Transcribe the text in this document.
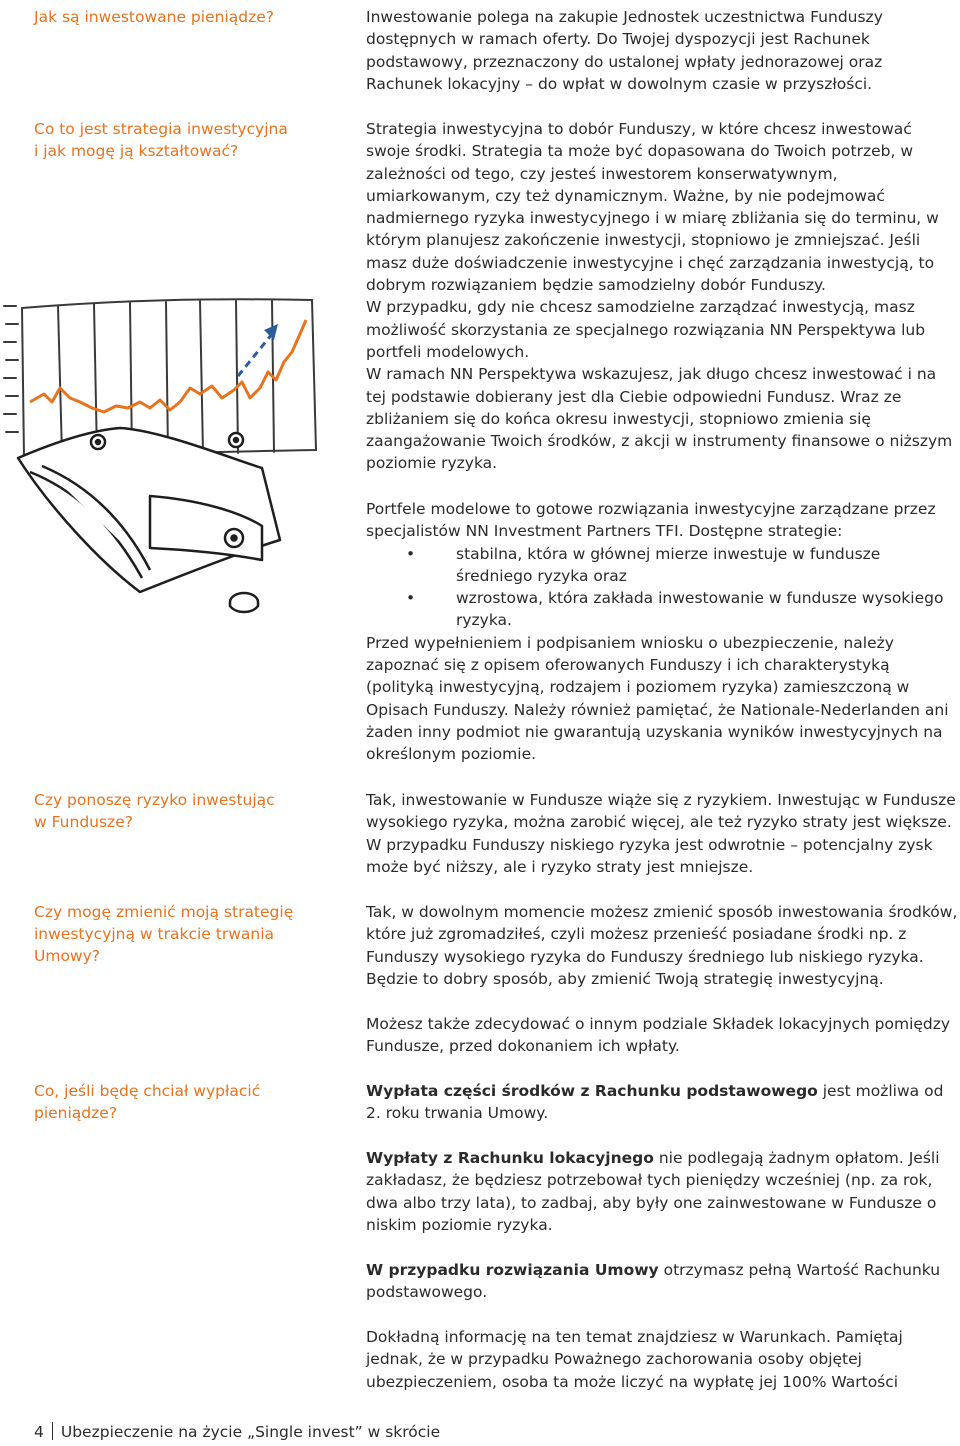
Jak są inwestowane pieniądze?
Co to jest strategia inwestycyjna
i jak mogę ją kształtować?
Czy ponoszę ryzyko inwestując
w Fundusze?
Czy mogę zmienić moją strategię
inwestycyjną w trakcie trwania
Umowy?
Co, jeśli będę chciał wypłacić
pieniądze?

Inwestowanie polega na zakupie Jednostek uczestnictwa Funduszy dostępnych w ramach oferty. Do Twojej dyspozycji jest Rachunek podstawowy, przeznaczony do ustalonej wpłaty jednorazowej oraz Rachunek lokacyjny – do wpłat w dowolnym czasie w przyszłości.

Strategia inwestycyjna to dobór Funduszy, w które chcesz inwestować swoje środki. Strategia ta może być dopasowana do Twoich potrzeb, w zależności od tego, czy jesteś inwestorem konserwatywnym, umiarkowanym, czy też dynamicznym. Ważne, by nie podejmować nadmiernego ryzyka inwestycyjnego i w miarę zbliżania się do terminu, w którym planujesz zakończenie inwestycji, stopniowo je zmniejszać. Jeśli masz duże doświadczenie inwestycyjne i chęć zarządzania inwestycją, to dobrym rozwiązaniem będzie samodzielny dobór Funduszy.

W przypadku, gdy nie chcesz samodzielne zarządzać inwestycją, masz możliwość skorzystania ze specjalnego rozwiązania NN Perspektywa lub portfeli modelowych.

W ramach NN Perspektywa wskazujesz, jak długo chcesz inwestować i na tej podstawie dobierany jest dla Ciebie odpowiedni Fundusz. Wraz ze zbliżaniem się do końca okresu inwestycji, stopniowo zmienia się zaangażowanie Twoich środków, z akcji w instrumenty finansowe o niższym poziomie ryzyka.

Portfele modelowe to gotowe rozwiązania inwestycyjne zarządzane przez specjalistów NN Investment Partners TFI. Dostępne strategie:

• stabilna, która w głównej mierze inwestuje w fundusze średniego ryzyka oraz
• wzrostowa, która zakłada inwestowanie w fundusze wysokiego ryzyka.

Przed wypełnieniem i podpisaniem wniosku o ubezpieczenie, należy zapoznać się z opisem oferowanych Funduszy i ich charakterystyką (polityką inwestycyjną, rodzajem i poziomem ryzyka) zamieszczoną w Opisach Funduszy. Należy również pamiętać, że Nationale-Nederlanden ani żaden inny podmiot nie gwarantują uzyskania wyników inwestycyjnych na określonym poziomie.

Tak, inwestowanie w Fundusze wiąże się z ryzykiem. Inwestując w Fundusze wysokiego ryzyka, można zarobić więcej, ale też ryzyko straty jest większe. W przypadku Funduszy niskiego ryzyka jest odwrotnie – potencjalny zysk może być niższy, ale i ryzyko straty jest mniejsze.

Tak, w dowolnym momencie możesz zmienić sposób inwestowania środków, które już zgromadziłeś, czyli możesz przenieść posiadane środki np. z Funduszy wysokiego ryzyka do Funduszy średniego lub niskiego ryzyka. Będzie to dobry sposób, aby zmienić Twoją strategię inwestycyjną.

Możesz także zdecydować o innym podziale Składek lokacyjnych pomiędzy Fundusze, przed dokonaniem ich wpłaty.

Wypłata części środków z Rachunku podstawowego jest możliwa od 2. roku trwania Umowy.

Wypłaty z Rachunku lokacyjnego nie podlegają żadnym opłatom. Jeśli zakładasz, że będziesz potrzebował tych pieniędzy wcześniej (np. za rok, dwa albo trzy lata), to zadbaj, aby były one zainwestowane w Fundusze o niskim poziomie ryzyka.

W przypadku rozwiązania Umowy otrzymasz pełną Wartość Rachunku podstawowego.

Dokładną informację na ten temat znajdziesz w Warunkach. Pamiętaj jednak, że w przypadku Poważnego zachorowania osoby objętej ubezpieczeniem, osoba ta może liczyć na wypłatę jej 100% Wartości

4 Ubezpieczenie na życie „Single invest” w skrócie
